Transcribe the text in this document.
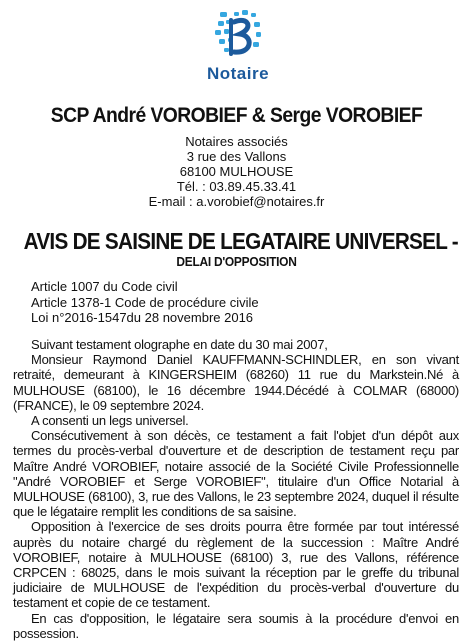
Notaire
SCP André VOROBIEF & Serge VOROBIEF
Notaires associés
3 rue des Vallons
68100 MULHOUSE
Tél. : 03.89.45.33.41
E-mail : a.vorobief@notaires.fr
AVIS DE SAISINE DE LEGATAIRE UNIVERSEL -
DELAI D'OPPOSITION
Article 1007 du Code civil
Article 1378-1 Code de procédure civile
Loi n°2016-1547du 28 novembre 2016

Suivant testament olographe en date du 30 mai 2007,

Monsieur Raymond Daniel KAUFFMANN-SCHINDLER, en son vivant retraité, demeurant à KINGERSHEIM (68260) 11 rue du Markstein.Né à MULHOUSE (68100), le 16 décembre 1944.Décédé à COLMAR (68000) (FRANCE), le 09 septembre 2024.

A consenti un legs universel.

Consécutivement à son décès, ce testament a fait l'objet d'un dépôt aux termes du procès-verbal d'ouverture et de description de testament reçu par Maître André VOROBIEF, notaire associé de la Société Civile Professionnelle "André VOROBIEF et Serge VOROBIEF", titulaire d'un Office Notarial à MULHOUSE (68100), 3, rue des Vallons, le 23 septembre 2024, duquel il résulte que le légataire remplit les conditions de sa saisine.

Opposition à l'exercice de ses droits pourra être formée par tout intéressé auprès du notaire chargé du règlement de la succession : Maître André VOROBIEF, notaire à MULHOUSE (68100) 3, rue des Vallons, référence CRPCEN : 68025, dans le mois suivant la réception par le greffe du tribunal judiciaire de MULHOUSE de l'expédition du procès-verbal d'ouverture du testament et copie de ce testament.

En cas d'opposition, le légataire sera soumis à la procédure d'envoi en possession.
